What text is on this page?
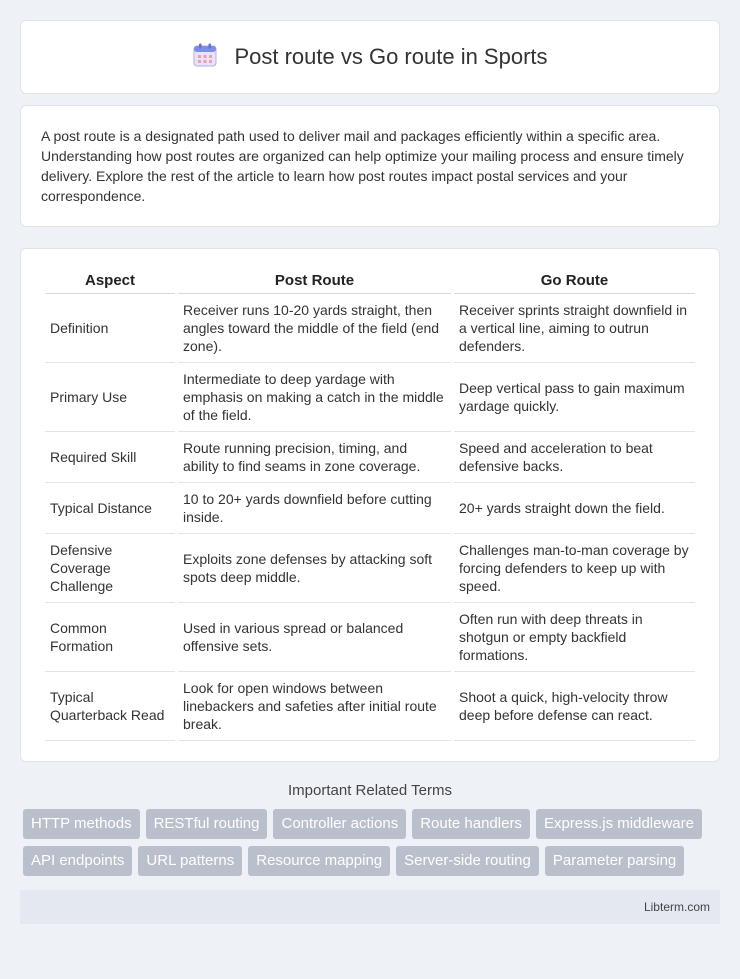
Post route vs Go route in Sports

A post route is a designated path used to deliver mail and packages efficiently within a specific area. Understanding how post routes are organized can help optimize your mailing process and ensure timely delivery. Explore the rest of the article to learn how post routes impact postal services and your correspondence.

Aspect	Post Route	Go Route
Definition	Receiver runs 10-20 yards straight, then angles toward the middle of the field (end zone).	Receiver sprints straight downfield in a vertical line, aiming to outrun defenders.
Primary Use	Intermediate to deep yardage with emphasis on making a catch in the middle of the field.	Deep vertical pass to gain maximum yardage quickly.
Required Skill	Route running precision, timing, and ability to find seams in zone coverage.	Speed and acceleration to beat defensive backs.
Typical Distance	10 to 20+ yards downfield before cutting inside.	20+ yards straight down the field.
Defensive Coverage Challenge	Exploits zone defenses by attacking soft spots deep middle.	Challenges man-to-man coverage by forcing defenders to keep up with speed.
Common Formation	Used in various spread or balanced offensive sets.	Often run with deep threats in shotgun or empty backfield formations.
Typical Quarterback Read	Look for open windows between linebackers and safeties after initial route break.	Shoot a quick, high-velocity throw deep before defense can react.
Important Related Terms
HTTP methods	RESTful routing	Controller actions	Route handlers	Express.js middleware
API endpoints	URL patterns	Resource mapping	Server-side routing	Parameter parsing
Libterm.com
